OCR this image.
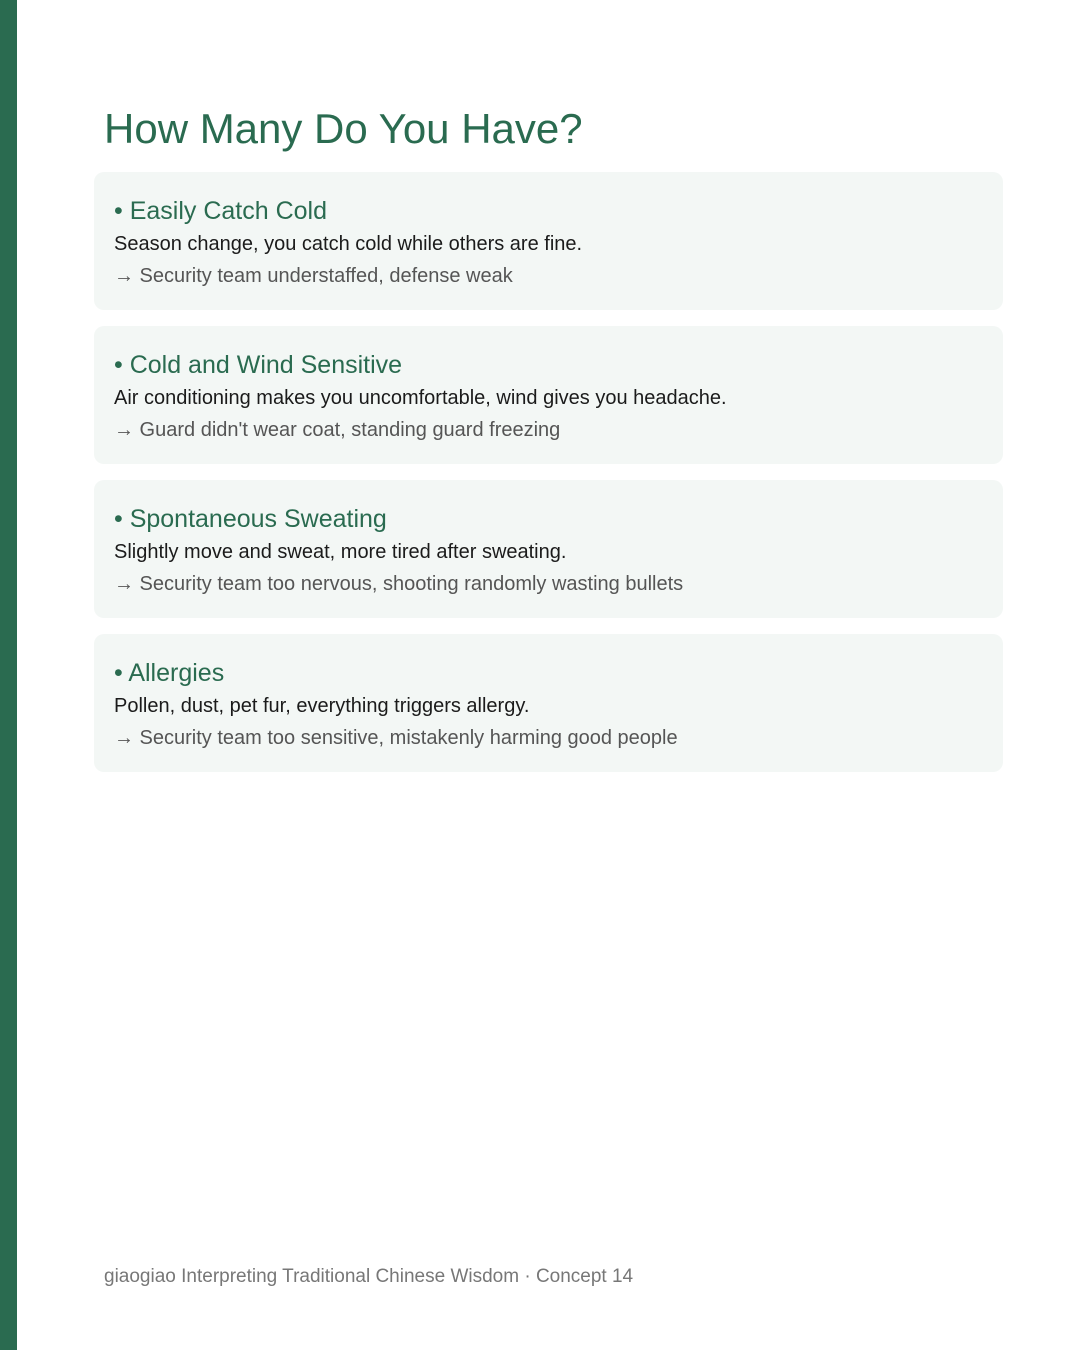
How Many Do You Have?
• Easily Catch Cold
Season change, you catch cold while others are fine.
→ Security team understaffed, defense weak
• Cold and Wind Sensitive
Air conditioning makes you uncomfortable, wind gives you headache.
→ Guard didn't wear coat, standing guard freezing
• Spontaneous Sweating
Slightly move and sweat, more tired after sweating.
→ Security team too nervous, shooting randomly wasting bullets
• Allergies
Pollen, dust, pet fur, everything triggers allergy.
→ Security team too sensitive, mistakenly harming good people
giaogiao Interpreting Traditional Chinese Wisdom · Concept 14
